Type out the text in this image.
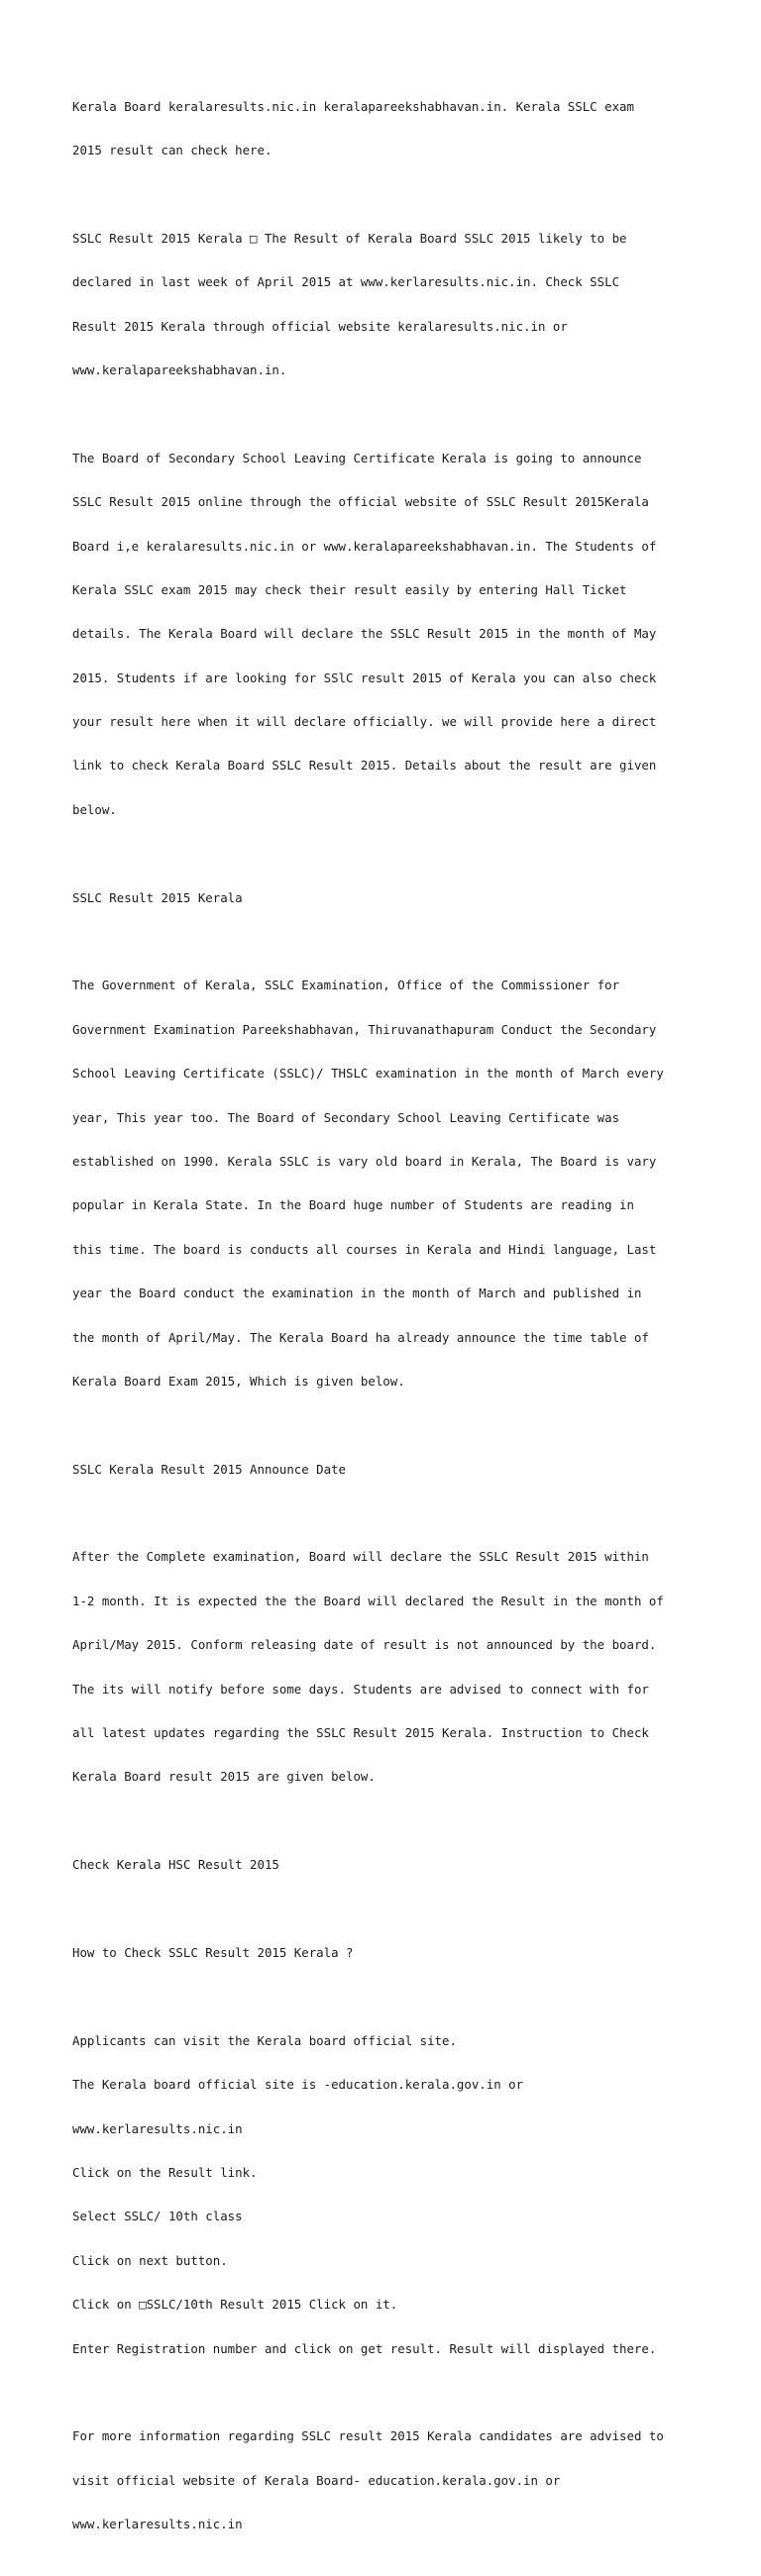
Kerala Board keralaresults.nic.in keralapareekshabhavan.in. Kerala SSLC exam

2015 result can check here.

SSLC Result 2015 Kerala □ The Result of Kerala Board SSLC 2015 likely to be

declared in last week of April 2015 at www.kerlaresults.nic.in. Check SSLC

Result 2015 Kerala through official website keralaresults.nic.in or

www.keralapareekshabhavan.in.

The Board of Secondary School Leaving Certificate Kerala is going to announce

SSLC Result 2015 online through the official website of SSLC Result 2015Kerala

Board i,e keralaresults.nic.in or www.keralapareekshabhavan.in. The Students of

Kerala SSLC exam 2015 may check their result easily by entering Hall Ticket

details. The Kerala Board will declare the SSLC Result 2015 in the month of May

2015. Students if are looking for SSlC result 2015 of Kerala you can also check

your result here when it will declare officially. we will provide here a direct

link to check Kerala Board SSLC Result 2015. Details about the result are given

below.

SSLC Result 2015 Kerala

The Government of Kerala, SSLC Examination, Office of the Commissioner for

Government Examination Pareekshabhavan, Thiruvanathapuram Conduct the Secondary

School Leaving Certificate (SSLC)/ THSLC examination in the month of March every

year, This year too. The Board of Secondary School Leaving Certificate was

established on 1990. Kerala SSLC is vary old board in Kerala, The Board is vary

popular in Kerala State. In the Board huge number of Students are reading in

this time. The board is conducts all courses in Kerala and Hindi language, Last

year the Board conduct the examination in the month of March and published in

the month of April/May. The Kerala Board ha already announce the time table of

Kerala Board Exam 2015, Which is given below.

SSLC Kerala Result 2015 Announce Date

After the Complete examination, Board will declare the SSLC Result 2015 within

1-2 month. It is expected the the Board will declared the Result in the month of

April/May 2015. Conform releasing date of result is not announced by the board.

The its will notify before some days. Students are advised to connect with for

all latest updates regarding the SSLC Result 2015 Kerala. Instruction to Check

Kerala Board result 2015 are given below.

Check Kerala HSC Result 2015

How to Check SSLC Result 2015 Kerala ?

Applicants can visit the Kerala board official site.

The Kerala board official site is -education.kerala.gov.in or

www.kerlaresults.nic.in

Click on the Result link.

Select SSLC/ 10th class

Click on next button.

Click on □SSLC/10th Result 2015 Click on it.

Enter Registration number and click on get result. Result will displayed there.

For more information regarding SSLC result 2015 Kerala candidates are advised to

visit official website of Kerala Board- education.kerala.gov.in or

www.kerlaresults.nic.in
